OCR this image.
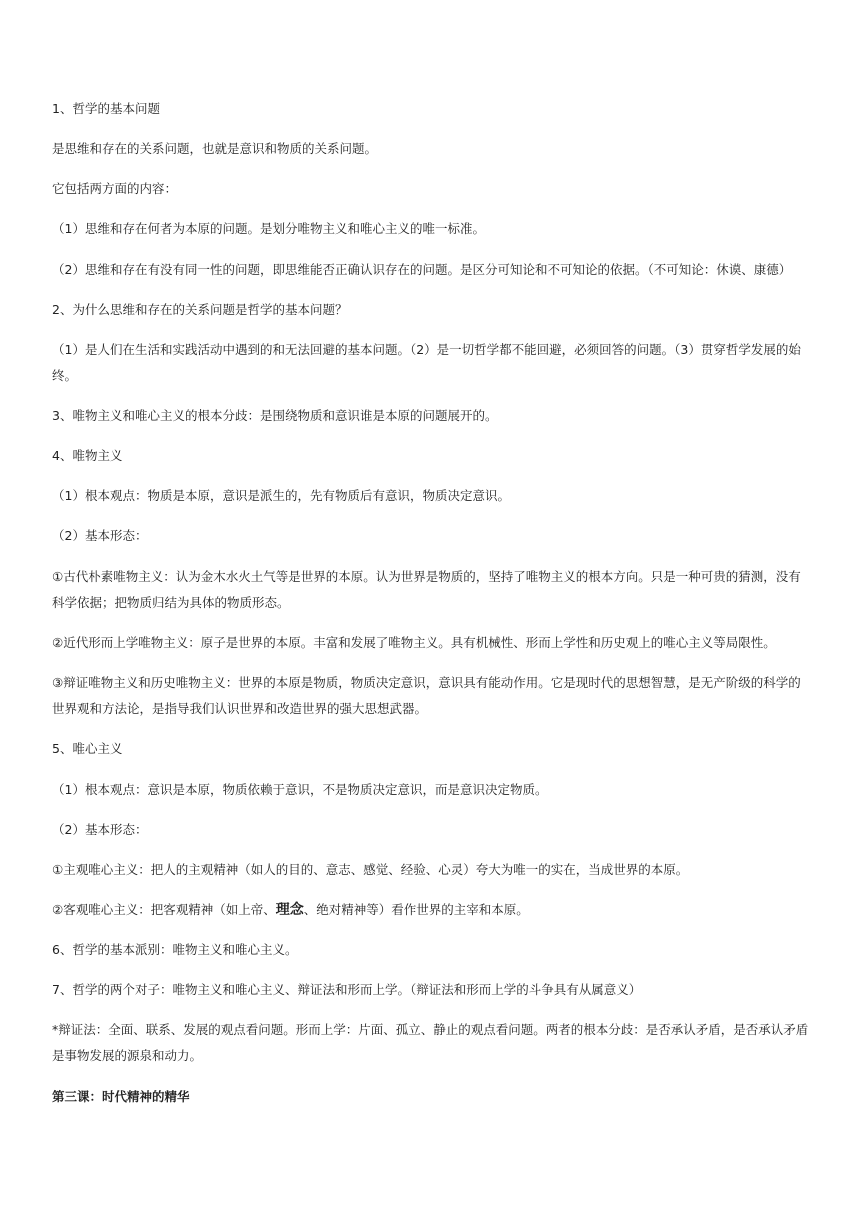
1、哲学的基本问题
是思维和存在的关系问题，也就是意识和物质的关系问题。
它包括两方面的内容：
（1）思维和存在何者为本原的问题。是划分唯物主义和唯心主义的唯一标准。
（2）思维和存在有没有同一性的问题，即思维能否正确认识存在的问题。是区分可知论和不可知论的依据。（不可知论：休谟、康德）
2、为什么思维和存在的关系问题是哲学的基本问题？
（1）是人们在生活和实践活动中遇到的和无法回避的基本问题。（2）是一切哲学都不能回避，必须回答的问题。（3）贯穿哲学发展的始终。
3、唯物主义和唯心主义的根本分歧：是围绕物质和意识谁是本原的问题展开的。
4、唯物主义
（1）根本观点：物质是本原，意识是派生的，先有物质后有意识，物质决定意识。
（2）基本形态：
①古代朴素唯物主义：认为金木水火土气等是世界的本原。认为世界是物质的，坚持了唯物主义的根本方向。只是一种可贵的猜测，没有科学依据；把物质归结为具体的物质形态。
②近代形而上学唯物主义：原子是世界的本原。丰富和发展了唯物主义。具有机械性、形而上学性和历史观上的唯心主义等局限性。
③辩证唯物主义和历史唯物主义：世界的本原是物质，物质决定意识，意识具有能动作用。它是现时代的思想智慧，是无产阶级的科学的世界观和方法论，是指导我们认识世界和改造世界的强大思想武器。
5、唯心主义
（1）根本观点：意识是本原，物质依赖于意识，不是物质决定意识，而是意识决定物质。
（2）基本形态：
①主观唯心主义：把人的主观精神（如人的目的、意志、感觉、经验、心灵）夸大为唯一的实在，当成世界的本原。
②客观唯心主义：把客观精神（如上帝、理念、绝对精神等）看作世界的主宰和本原。
6、哲学的基本派别：唯物主义和唯心主义。
7、哲学的两个对子：唯物主义和唯心主义、辩证法和形而上学。（辩证法和形而上学的斗争具有从属意义）
*辩证法：全面、联系、发展的观点看问题。形而上学：片面、孤立、静止的观点看问题。两者的根本分歧：是否承认矛盾，是否承认矛盾是事物发展的源泉和动力。
第三课：时代精神的精华
